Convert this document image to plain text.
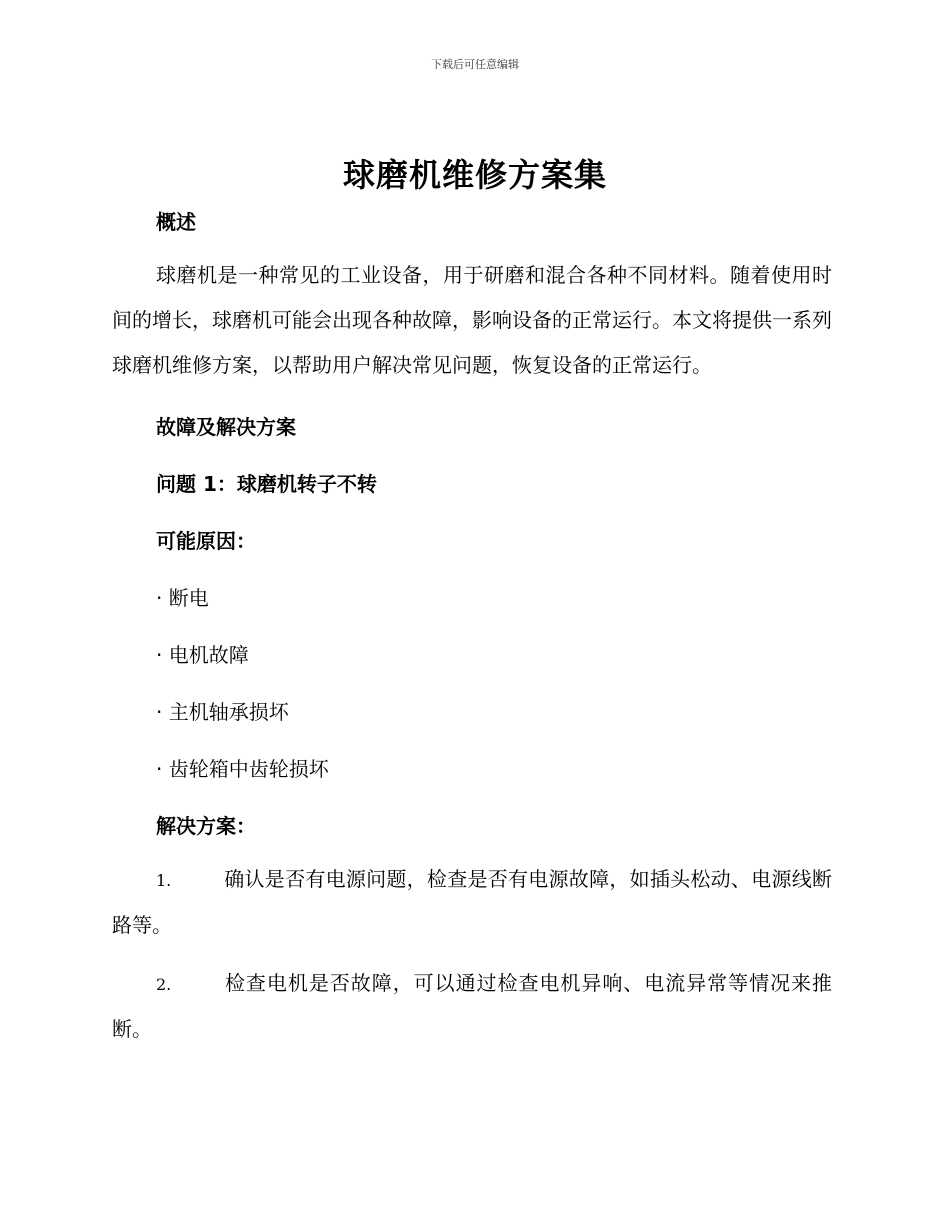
下载后可任意编辑
球磨机维修方案集

概述

球磨机是一种常见的工业设备，用于研磨和混合各种不同材料。随着使用时间的增长，球磨机可能会出现各种故障，影响设备的正常运行。本文将提供一系列球磨机维修方案，以帮助用户解决常见问题，恢复设备的正常运行。

故障及解决方案

问题 1：球磨机转子不转

可能原因：

· 断电

· 电机故障

· 主机轴承损坏

· 齿轮箱中齿轮损坏

解决方案：

1.	确认是否有电源问题，检查是否有电源故障，如插头松动、电源线断路等。

2.	检查电机是否故障，可以通过检查电机异响、电流异常等情况来推断。
